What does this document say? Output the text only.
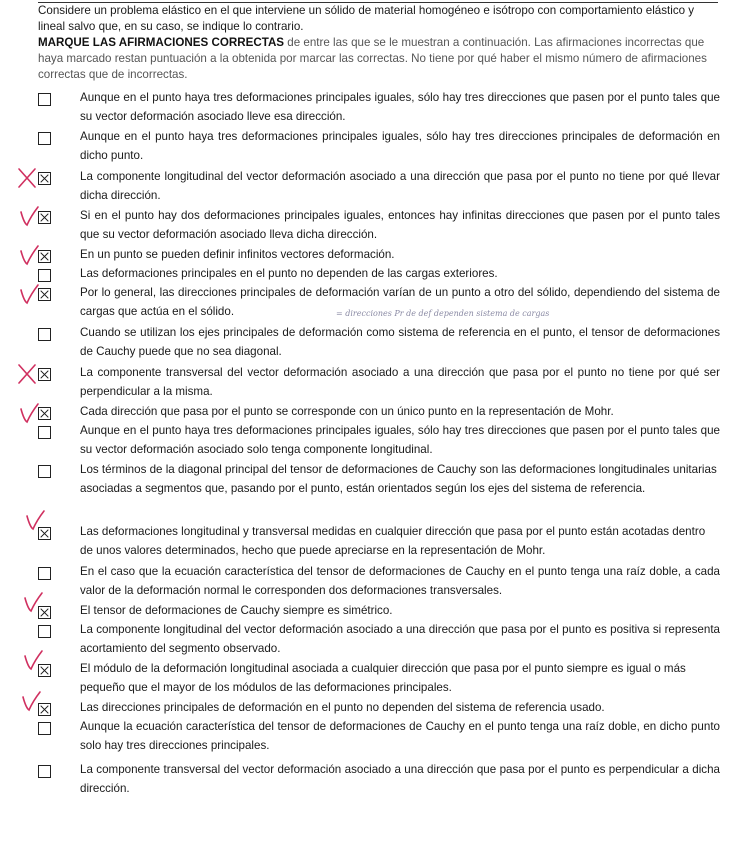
Considere un problema elástico en el que interviene un sólido de material homogéneo e isótropo con comportamiento elástico y lineal salvo que, en su caso, se indique lo contrario.

MARQUE LAS AFIRMACIONES CORRECTAS de entre las que se le muestran a continuación. Las afirmaciones incorrectas que haya marcado restan puntuación a la obtenida por marcar las correctas. No tiene por qué haber el mismo número de afirmaciones correctas que de incorrectas.

Aunque en el punto haya tres deformaciones principales iguales, sólo hay tres direcciones que pasen por el punto tales que su vector deformación asociado lleve esa dirección.
Aunque en el punto haya tres deformaciones principales iguales, sólo hay tres direcciones principales de deformación en dicho punto.
La componente longitudinal del vector deformación asociado a una dirección que pasa por el punto no tiene por qué llevar dicha dirección.
Si en el punto hay dos deformaciones principales iguales, entonces hay infinitas direcciones que pasen por el punto tales que su vector deformación asociado lleva dicha dirección.
En un punto se pueden definir infinitos vectores deformación.
Las deformaciones principales en el punto no dependen de las cargas exteriores.
Por lo general, las direcciones principales de deformación varían de un punto a otro del sólido, dependiendo del sistema de cargas que actúa en el sólido.	= direcciones Pr de def dependen sistema de cargas
Cuando se utilizan los ejes principales de deformación como sistema de referencia en el punto, el tensor de deformaciones de Cauchy puede que no sea diagonal.
La componente transversal del vector deformación asociado a una dirección que pasa por el punto no tiene por qué ser perpendicular a la misma.
Cada dirección que pasa por el punto se corresponde con un único punto en la representación de Mohr.
Aunque en el punto haya tres deformaciones principales iguales, sólo hay tres direcciones que pasen por el punto tales que su vector deformación asociado solo tenga componente longitudinal.
Los términos de la diagonal principal del tensor de deformaciones de Cauchy son las deformaciones longitudinales unitarias asociadas a segmentos que, pasando por el punto, están orientados según los ejes del sistema de referencia.
Las deformaciones longitudinal y transversal medidas en cualquier dirección que pasa por el punto están acotadas dentro de unos valores determinados, hecho que puede apreciarse en la representación de Mohr.
En el caso que la ecuación característica del tensor de deformaciones de Cauchy en el punto tenga una raíz doble, a cada valor de la deformación normal le corresponden dos deformaciones transversales.
El tensor de deformaciones de Cauchy siempre es simétrico.
La componente longitudinal del vector deformación asociado a una dirección que pasa por el punto es positiva si representa acortamiento del segmento observado.
El módulo de la deformación longitudinal asociada a cualquier dirección que pasa por el punto siempre es igual o más pequeño que el mayor de los módulos de las deformaciones principales.
Las direcciones principales de deformación en el punto no dependen del sistema de referencia usado.
Aunque la ecuación característica del tensor de deformaciones de Cauchy en el punto tenga una raíz doble, en dicho punto solo hay tres direcciones principales.
La componente transversal del vector deformación asociado a una dirección que pasa por el punto es perpendicular a dicha dirección.
